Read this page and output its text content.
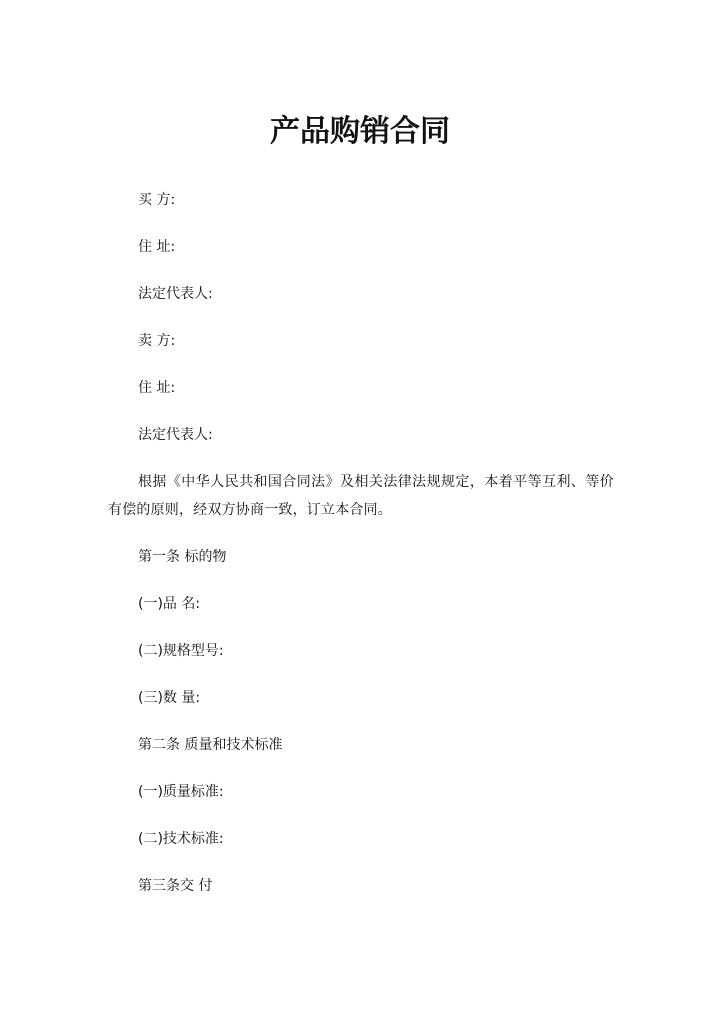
产品购销合同
买 方:
住 址:
法定代表人:
卖 方:
住 址:
法定代表人:

根据《中华人民共和国合同法》及相关法律法规规定，本着平等互利、等价有偿的原则，经双方协商一致，订立本合同。

第一条 标的物
(一)品 名:
(二)规格型号:
(三)数 量:
第二条 质量和技术标准
(一)质量标准:
(二)技术标准:
第三条交 付
